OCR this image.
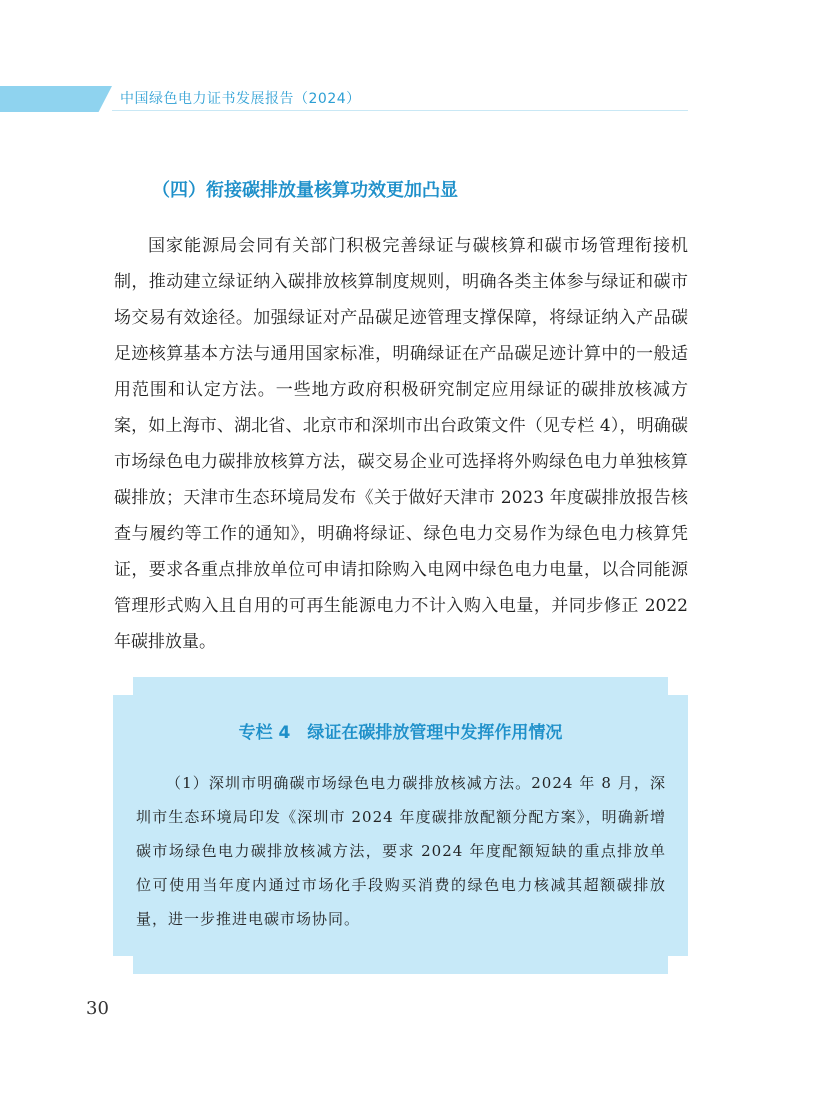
中国绿色电力证书发展报告（2024）
（四）衔接碳排放量核算功效更加凸显

国家能源局会同有关部门积极完善绿证与碳核算和碳市场管理衔接机制，推动建立绿证纳入碳排放核算制度规则，明确各类主体参与绿证和碳市场交易有效途径。加强绿证对产品碳足迹管理支撑保障，将绿证纳入产品碳足迹核算基本方法与通用国家标准，明确绿证在产品碳足迹计算中的一般适用范围和认定方法。一些地方政府积极研究制定应用绿证的碳排放核减方案，如上海市、湖北省、北京市和深圳市出台政策文件（见专栏 4），明确碳市场绿色电力碳排放核算方法，碳交易企业可选择将外购绿色电力单独核算碳排放；天津市生态环境局发布《关于做好天津市 2023 年度碳排放报告核查与履约等工作的通知》，明确将绿证、绿色电力交易作为绿色电力核算凭证，要求各重点排放单位可申请扣除购入电网中绿色电力电量，以合同能源管理形式购入且自用的可再生能源电力不计入购入电量，并同步修正 2022 年碳排放量。

专栏 4　绿证在碳排放管理中发挥作用情况

（1）深圳市明确碳市场绿色电力碳排放核减方法。2024 年 8 月，深圳市生态环境局印发《深圳市 2024 年度碳排放配额分配方案》，明确新增碳市场绿色电力碳排放核减方法，要求 2024 年度配额短缺的重点排放单位可使用当年度内通过市场化手段购买消费的绿色电力核减其超额碳排放量，进一步推进电碳市场协同。

30
